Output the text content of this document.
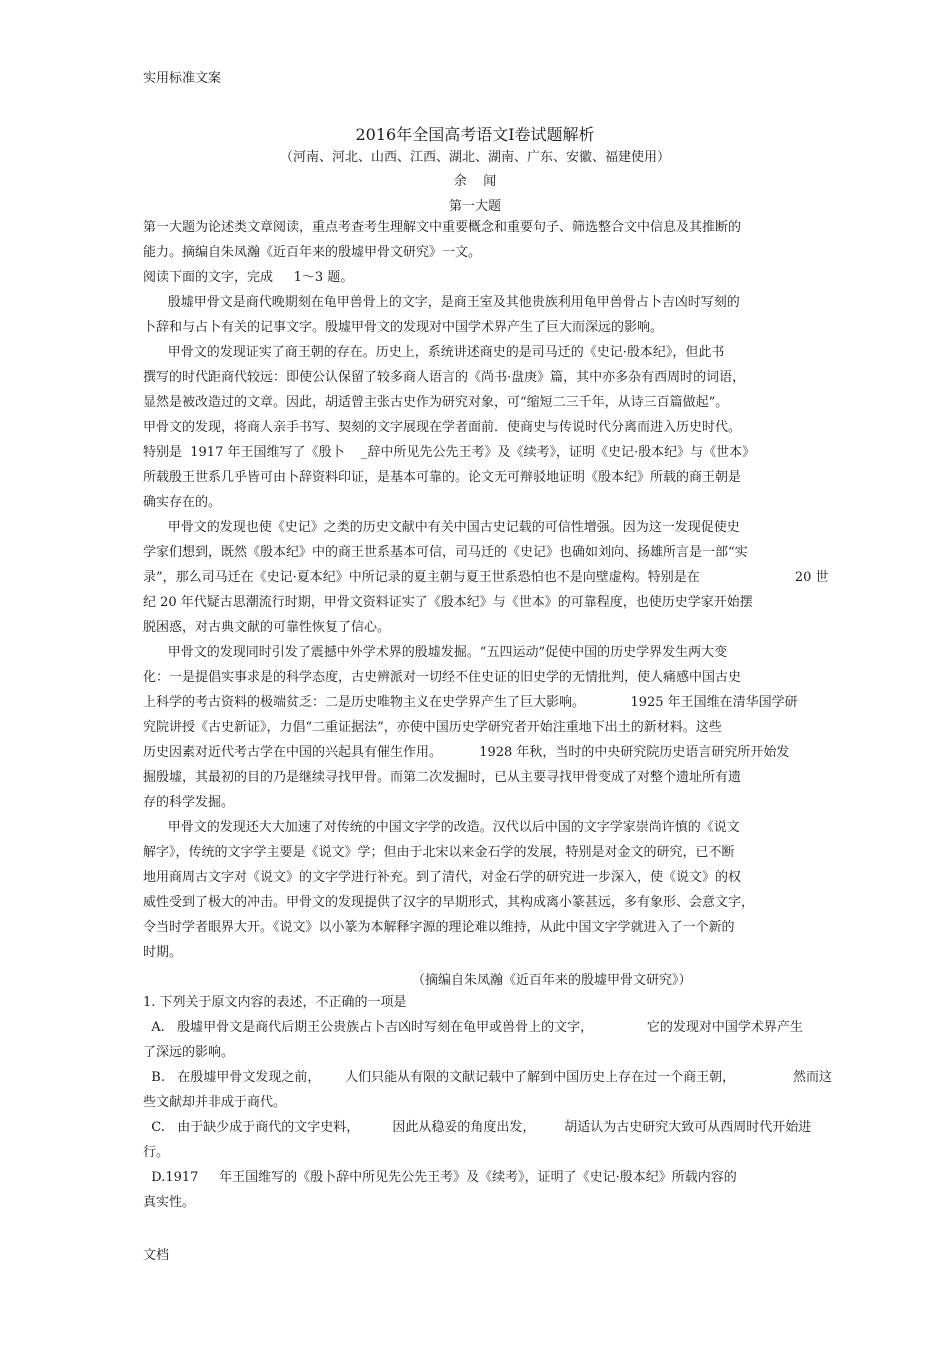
实用标准文案
2016年全国高考语文Ⅰ卷试题解析
（河南、河北、山西、江西、湖北、湖南、广东、安徽、福建使用）
余    闻
第一大题
第一大题为论述类文章阅读，重点考查考生理解文中重要概念和重要句子、筛选整合文中信息及其推断的
能力。摘编自朱凤瀚《近百年来的殷墟甲骨文研究》一文。
阅读下面的文字，完成     1～3 题。
殷墟甲骨文是商代晚期刻在龟甲兽骨上的文字，是商王室及其他贵族利用龟甲兽骨占卜吉凶时写刻的
卜辞和与占卜有关的记事文字。殷墟甲骨文的发现对中国学术界产生了巨大而深远的影响。
甲骨文的发现证实了商王朝的存在。历史上，系统讲述商史的是司马迁的《史记·殷本纪》，但此书
撰写的时代距商代较远：即使公认保留了较多商人语言的《尚书·盘庚》篇，其中亦多杂有西周时的词语，
显然是被改造过的文章。因此，胡适曾主张古史作为研究对象，可“缩短二三千年，从诗三百篇做起”。
甲骨文的发现，将商人亲手书写、契刻的文字展现在学者面前．使商史与传说时代分离而进入历史时代。
特别是  1917 年王国维写了《殷卜    _辞中所见先公先王考》及《续考》，证明《史记·殷本纪》与《世本》
所载殷王世系几乎皆可由卜辞资料印证，是基本可靠的。论文无可辩驳地证明《殷本纪》所载的商王朝是
确实存在的。
甲骨文的发现也使《史记》之类的历史文献中有关中国古史记载的可信性增强。因为这一发现促使史
学家们想到，既然《殷本纪》中的商王世系基本可信，司马迁的《史记》也确如刘向、扬雄所言是一部“实
录”，那么司马迁在《史记·夏本纪》中所记录的夏主朝与夏王世系恐怕也不是向壁虚构。特别是在                       20 世
纪 20 年代疑古思潮流行时期，甲骨文资料证实了《殷本纪》与《世本》的可靠程度，也使历史学家开始摆
脱困惑，对古典文献的可靠性恢复了信心。
甲骨文的发现同时引发了震撼中外学术界的殷墟发掘。“五四运动”促使中国的历史学界发生两大变
化：一是提倡实事求是的科学态度，古史辨派对一切经不住史证的旧史学的无情批判，使人痛感中国古史
上科学的考古资料的极端贫乏：二是历史唯物主义在史学界产生了巨大影响。           1925 年王国维在清华国学研
究院讲授《古史新证》，力倡“二重证据法”，亦使中国历史学研究者开始注重地下出土的新材料。这些
历史因素对近代考古学在中国的兴起具有催生作用。         1928 年秋，当时的中央研究院历史语言研究所开始发
掘殷墟，其最初的目的乃是继续寻找甲骨。而第二次发掘时，已从主要寻找甲骨变成了对整个遗址所有遗
存的科学发掘。
甲骨文的发现还大大加速了对传统的中国文字学的改造。汉代以后中国的文字学家崇尚许慎的《说文
解字》，传统的文字学主要是《说文》学；但由于北宋以来金石学的发展，特别是对金文的研究，已不断
地用商周古文字对《说文》的文字学进行补充。到了清代，对金石学的研究进一步深入，使《说文》的权
威性受到了极大的冲击。甲骨文的发现提供了汉字的早期形式，其构成离小篆甚远，多有象形、会意文字，
令当时学者眼界大开。《说文》以小篆为本解释字源的理论难以维持，从此中国文字学就进入了一个新的
时期。
（摘编自朱凤瀚《近百年来的殷墟甲骨文研究》）
1. 下列关于原文内容的表述，不正确的一项是
A.   殷墟甲骨文是商代后期王公贵族占卜吉凶时写刻在龟甲或兽骨上的文字，             它的发现对中国学术界产生
了深远的影响。
B.   在殷墟甲骨文发现之前，      人们只能从有限的文献记载中了解到中国历史上存在过一个商王朝，              然而这
些文献却并非成于商代。
C.   由于缺少成于商代的文字史料，        因此从稳妥的角度出发，       胡适认为古史研究大致可从西周时代开始进
行。
D.1917     年王国维写的《殷卜辞中所见先公先王考》及《续考》，证明了《史记·殷本纪》所载内容的
真实性。
文档
